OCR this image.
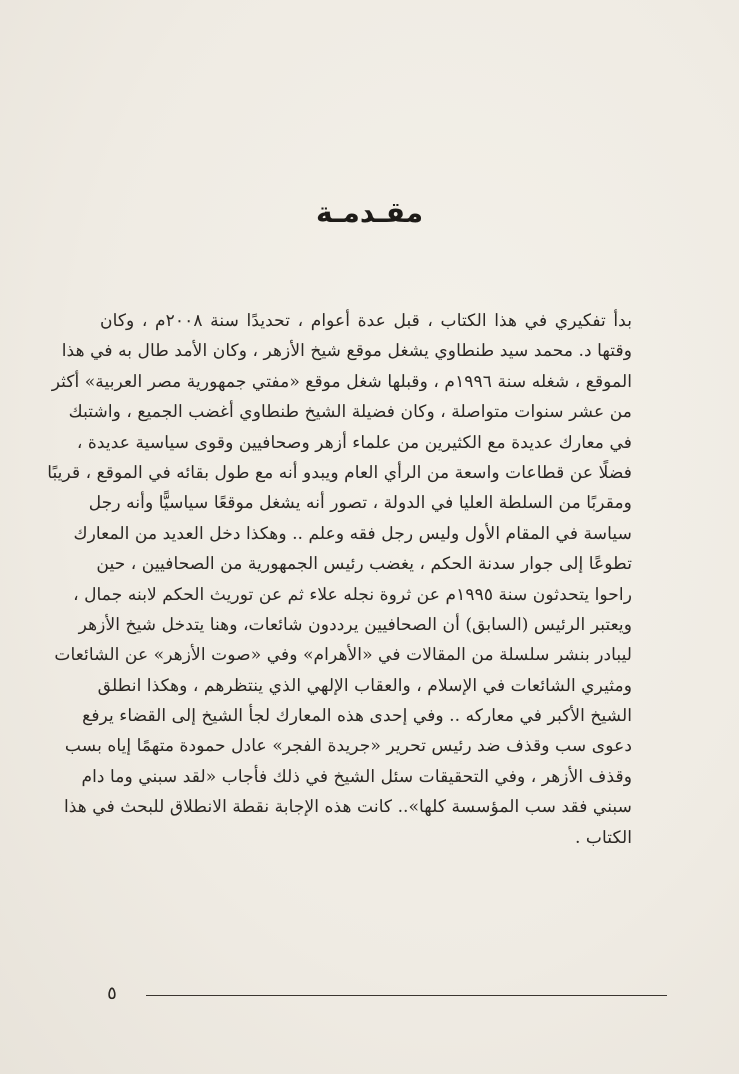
مقـدمـة
بدأ تفكيري في هذا الكتاب ، قبل عدة أعوام ، تحديدًا سنة ٢٠٠٨م ، وكان
وقتها د. محمد سيد طنطاوي يشغل موقع شيخ الأزهر ، وكان الأمد طال به في هذا
الموقع ، شغله سنة ١٩٩٦م ، وقبلها شغل موقع «مفتي جمهورية مصر العربية» أكثر
من عشر سنوات متواصلة ، وكان فضيلة الشيخ طنطاوي أغضب الجميع ، واشتبك
في معارك عديدة مع الكثيرين من علماء أزهر وصحافيين وقوى سياسية عديدة ،
فضلًا عن قطاعات واسعة من الرأي العام ويبدو أنه مع طول بقائه في الموقع ، قريبًا
ومقربًا من السلطة العليا في الدولة ، تصور أنه يشغل موقعًا سياسيًّا وأنه رجل
سياسة في المقام الأول وليس رجل فقه وعلم .. وهكذا دخل العديد من المعارك
تطوعًا إلى جوار سدنة الحكم ، يغضب رئيس الجمهورية من الصحافيين ، حين
راحوا يتحدثون سنة ١٩٩٥م عن ثروة نجله علاء ثم عن توريث الحكم لابنه جمال ،
ويعتبر الرئيس (السابق) أن الصحافيين يرددون شائعات، وهنا يتدخل شيخ الأزهر
ليبادر بنشر سلسلة من المقالات في «الأهرام» وفي «صوت الأزهر» عن الشائعات
ومثيري الشائعات في الإسلام ، والعقاب الإلهي الذي ينتظرهم ، وهكذا انطلق
الشيخ الأكبر في معاركه .. وفي إحدى هذه المعارك لجأ الشيخ إلى القضاء يرفع
دعوى سب وقذف ضد رئيس تحرير «جريدة الفجر» عادل حمودة متهمًا إياه بسب
وقذف الأزهر ، وفي التحقيقات سئل الشيخ في ذلك فأجاب «لقد سبني وما دام
سبني فقد سب المؤسسة كلها».. كانت هذه الإجابة نقطة الانطلاق للبحث في هذا
الكتاب .
٥
